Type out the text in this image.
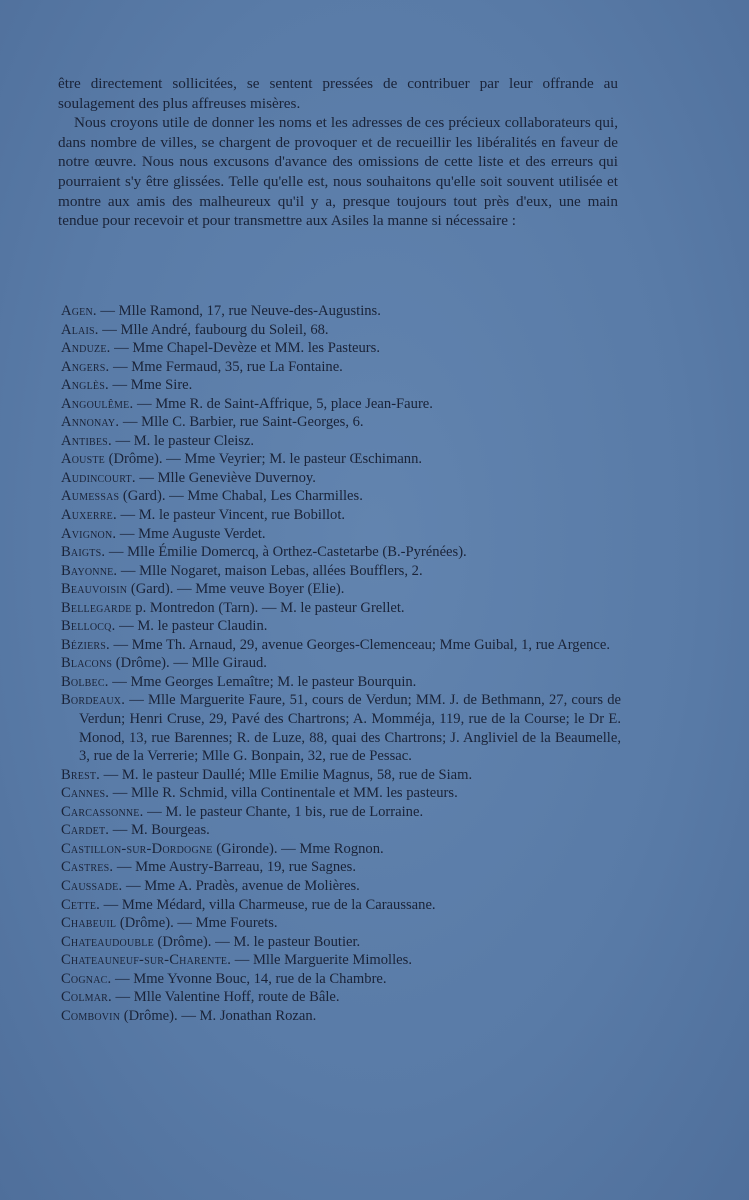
être directement sollicitées, se sentent pressées de contribuer par leur offrande au soulagement des plus affreuses misères.

Nous croyons utile de donner les noms et les adresses de ces précieux collaborateurs qui, dans nombre de villes, se chargent de provoquer et de recueillir les libéralités en faveur de notre œuvre. Nous nous excusons d'avance des omissions de cette liste et des erreurs qui pourraient s'y être glissées. Telle qu'elle est, nous souhaitons qu'elle soit souvent utilisée et montre aux amis des malheureux qu'il y a, presque toujours tout près d'eux, une main tendue pour recevoir et pour transmettre aux Asiles la manne si nécessaire :

Agen. — Mlle Ramond, 17, rue Neuve-des-Augustins.

Alais. — Mlle André, faubourg du Soleil, 68.

Anduze. — Mme Chapel-Devèze et MM. les Pasteurs.

Angers. — Mme Fermaud, 35, rue La Fontaine.

Anglès. — Mme Sire.

Angoulême. — Mme R. de Saint-Affrique, 5, place Jean-Faure.

Annonay. — Mlle C. Barbier, rue Saint-Georges, 6.

Antibes. — M. le pasteur Cleisz.

Aouste (Drôme). — Mme Veyrier; M. le pasteur Œschimann.

Audincourt. — Mlle Geneviève Duvernoy.

Aumessas (Gard). — Mme Chabal, Les Charmilles.

Auxerre. — M. le pasteur Vincent, rue Bobillot.

Avignon. — Mme Auguste Verdet.

Baigts. — Mlle Émilie Domercq, à Orthez-Castetarbe (B.-Pyrénées).

Bayonne. — Mlle Nogaret, maison Lebas, allées Boufflers, 2.

Beauvoisin (Gard). — Mme veuve Boyer (Elie).

Bellegarde p. Montredon (Tarn). — M. le pasteur Grellet.

Bellocq. — M. le pasteur Claudin.

Béziers. — Mme Th. Arnaud, 29, avenue Georges-Clemenceau; Mme Guibal, 1, rue Argence.

Blacons (Drôme). — Mlle Giraud.

Bolbec. — Mme Georges Lemaître; M. le pasteur Bourquin.

Bordeaux. — Mlle Marguerite Faure, 51, cours de Verdun; MM. J. de Bethmann, 27, cours de Verdun; Henri Cruse, 29, Pavé des Chartrons; A. Momméja, 119, rue de la Course; le Dr E. Monod, 13, rue Barennes; R. de Luze, 88, quai des Chartrons; J. Angliviel de la Beaumelle, 3, rue de la Verrerie; Mlle G. Bonpain, 32, rue de Pessac.

Brest. — M. le pasteur Daullé; Mlle Emilie Magnus, 58, rue de Siam.

Cannes. — Mlle R. Schmid, villa Continentale et MM. les pasteurs.

Carcassonne. — M. le pasteur Chante, 1 bis, rue de Lorraine.

Cardet. — M. Bourgeas.

Castillon-sur-Dordogne (Gironde). — Mme Rognon.

Castres. — Mme Austry-Barreau, 19, rue Sagnes.

Caussade. — Mme A. Pradès, avenue de Molières.

Cette. — Mme Médard, villa Charmeuse, rue de la Caraussane.

Chabeuil (Drôme). — Mme Fourets.

Chateaudouble (Drôme). — M. le pasteur Boutier.

Chateauneuf-sur-Charente. — Mlle Marguerite Mimolles.

Cognac. — Mme Yvonne Bouc, 14, rue de la Chambre.

Colmar. — Mlle Valentine Hoff, route de Bâle.

Combovin (Drôme). — M. Jonathan Rozan.
